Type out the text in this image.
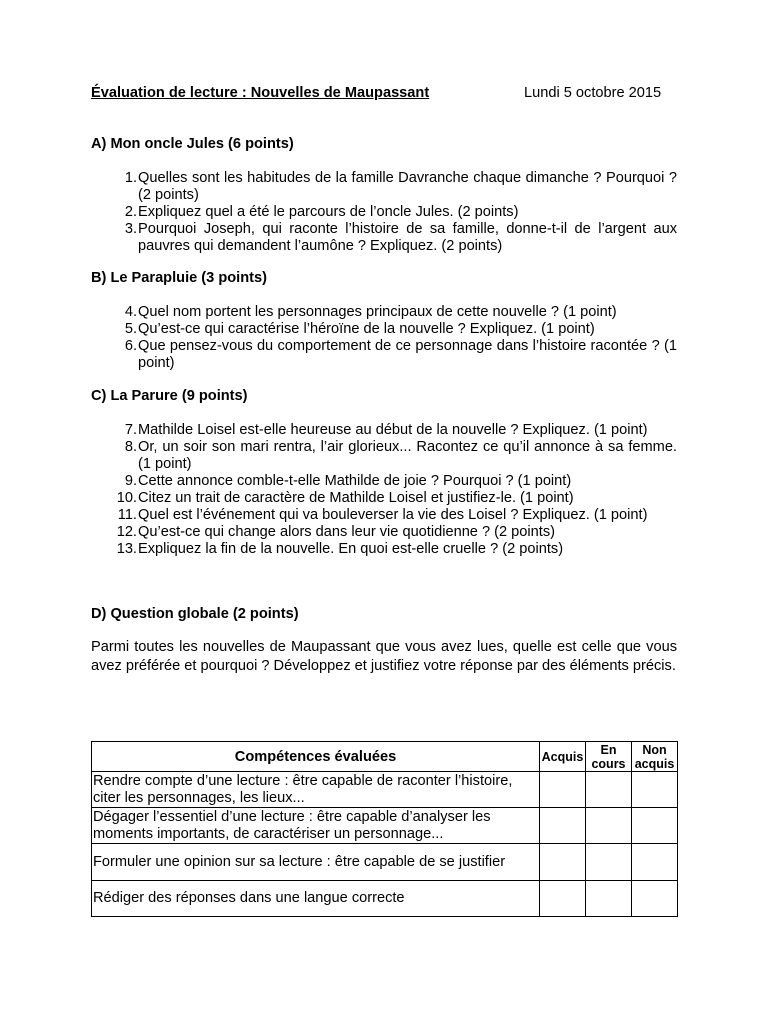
Évaluation de lecture : Nouvelles de Maupassant	Lundi 5 octobre 2015
A) Mon oncle Jules (6 points)
1. Quelles sont les habitudes de la famille Davranche chaque dimanche ? Pourquoi ? (2 points)
2. Expliquez quel a été le parcours de l’oncle Jules. (2 points)
3. Pourquoi Joseph, qui raconte l’histoire de sa famille, donne-t-il de l’argent aux pauvres qui demandent l’aumône ? Expliquez. (2 points)
B) Le Parapluie (3 points)
4. Quel nom portent les personnages principaux de cette nouvelle ? (1 point)
5. Qu’est-ce qui caractérise l’héroïne de la nouvelle ? Expliquez. (1 point)
6. Que pensez-vous du comportement de ce personnage dans l’histoire racontée ? (1 point)
C) La Parure (9 points)
7. Mathilde Loisel est-elle heureuse au début de la nouvelle ? Expliquez. (1 point)
8. Or, un soir son mari rentra, l’air glorieux... Racontez ce qu’il annonce à sa femme. (1 point)
9. Cette annonce comble-t-elle Mathilde de joie ? Pourquoi ? (1 point)
10. Citez un trait de caractère de Mathilde Loisel et justifiez-le. (1 point)
11. Quel est l’événement qui va bouleverser la vie des Loisel ? Expliquez. (1 point)
12. Qu’est-ce qui change alors dans leur vie quotidienne ? (2 points)
13. Expliquez la fin de la nouvelle. En quoi est-elle cruelle ? (2 points)
D) Question globale (2 points)
Parmi toutes les nouvelles de Maupassant que vous avez lues, quelle est celle que vous avez préférée et pourquoi ? Développez et justifiez votre réponse par des éléments précis.
Compétences évaluées	Acquis	En cours	Non acquis
Rendre compte d’une lecture : être capable de raconter l’histoire, citer les personnages, les lieux...			
Dégager l’essentiel d’une lecture : être capable d’analyser les moments importants, de caractériser un personnage...			
Formuler une opinion sur sa lecture : être capable de se justifier			
Rédiger des réponses dans une langue correcte			
